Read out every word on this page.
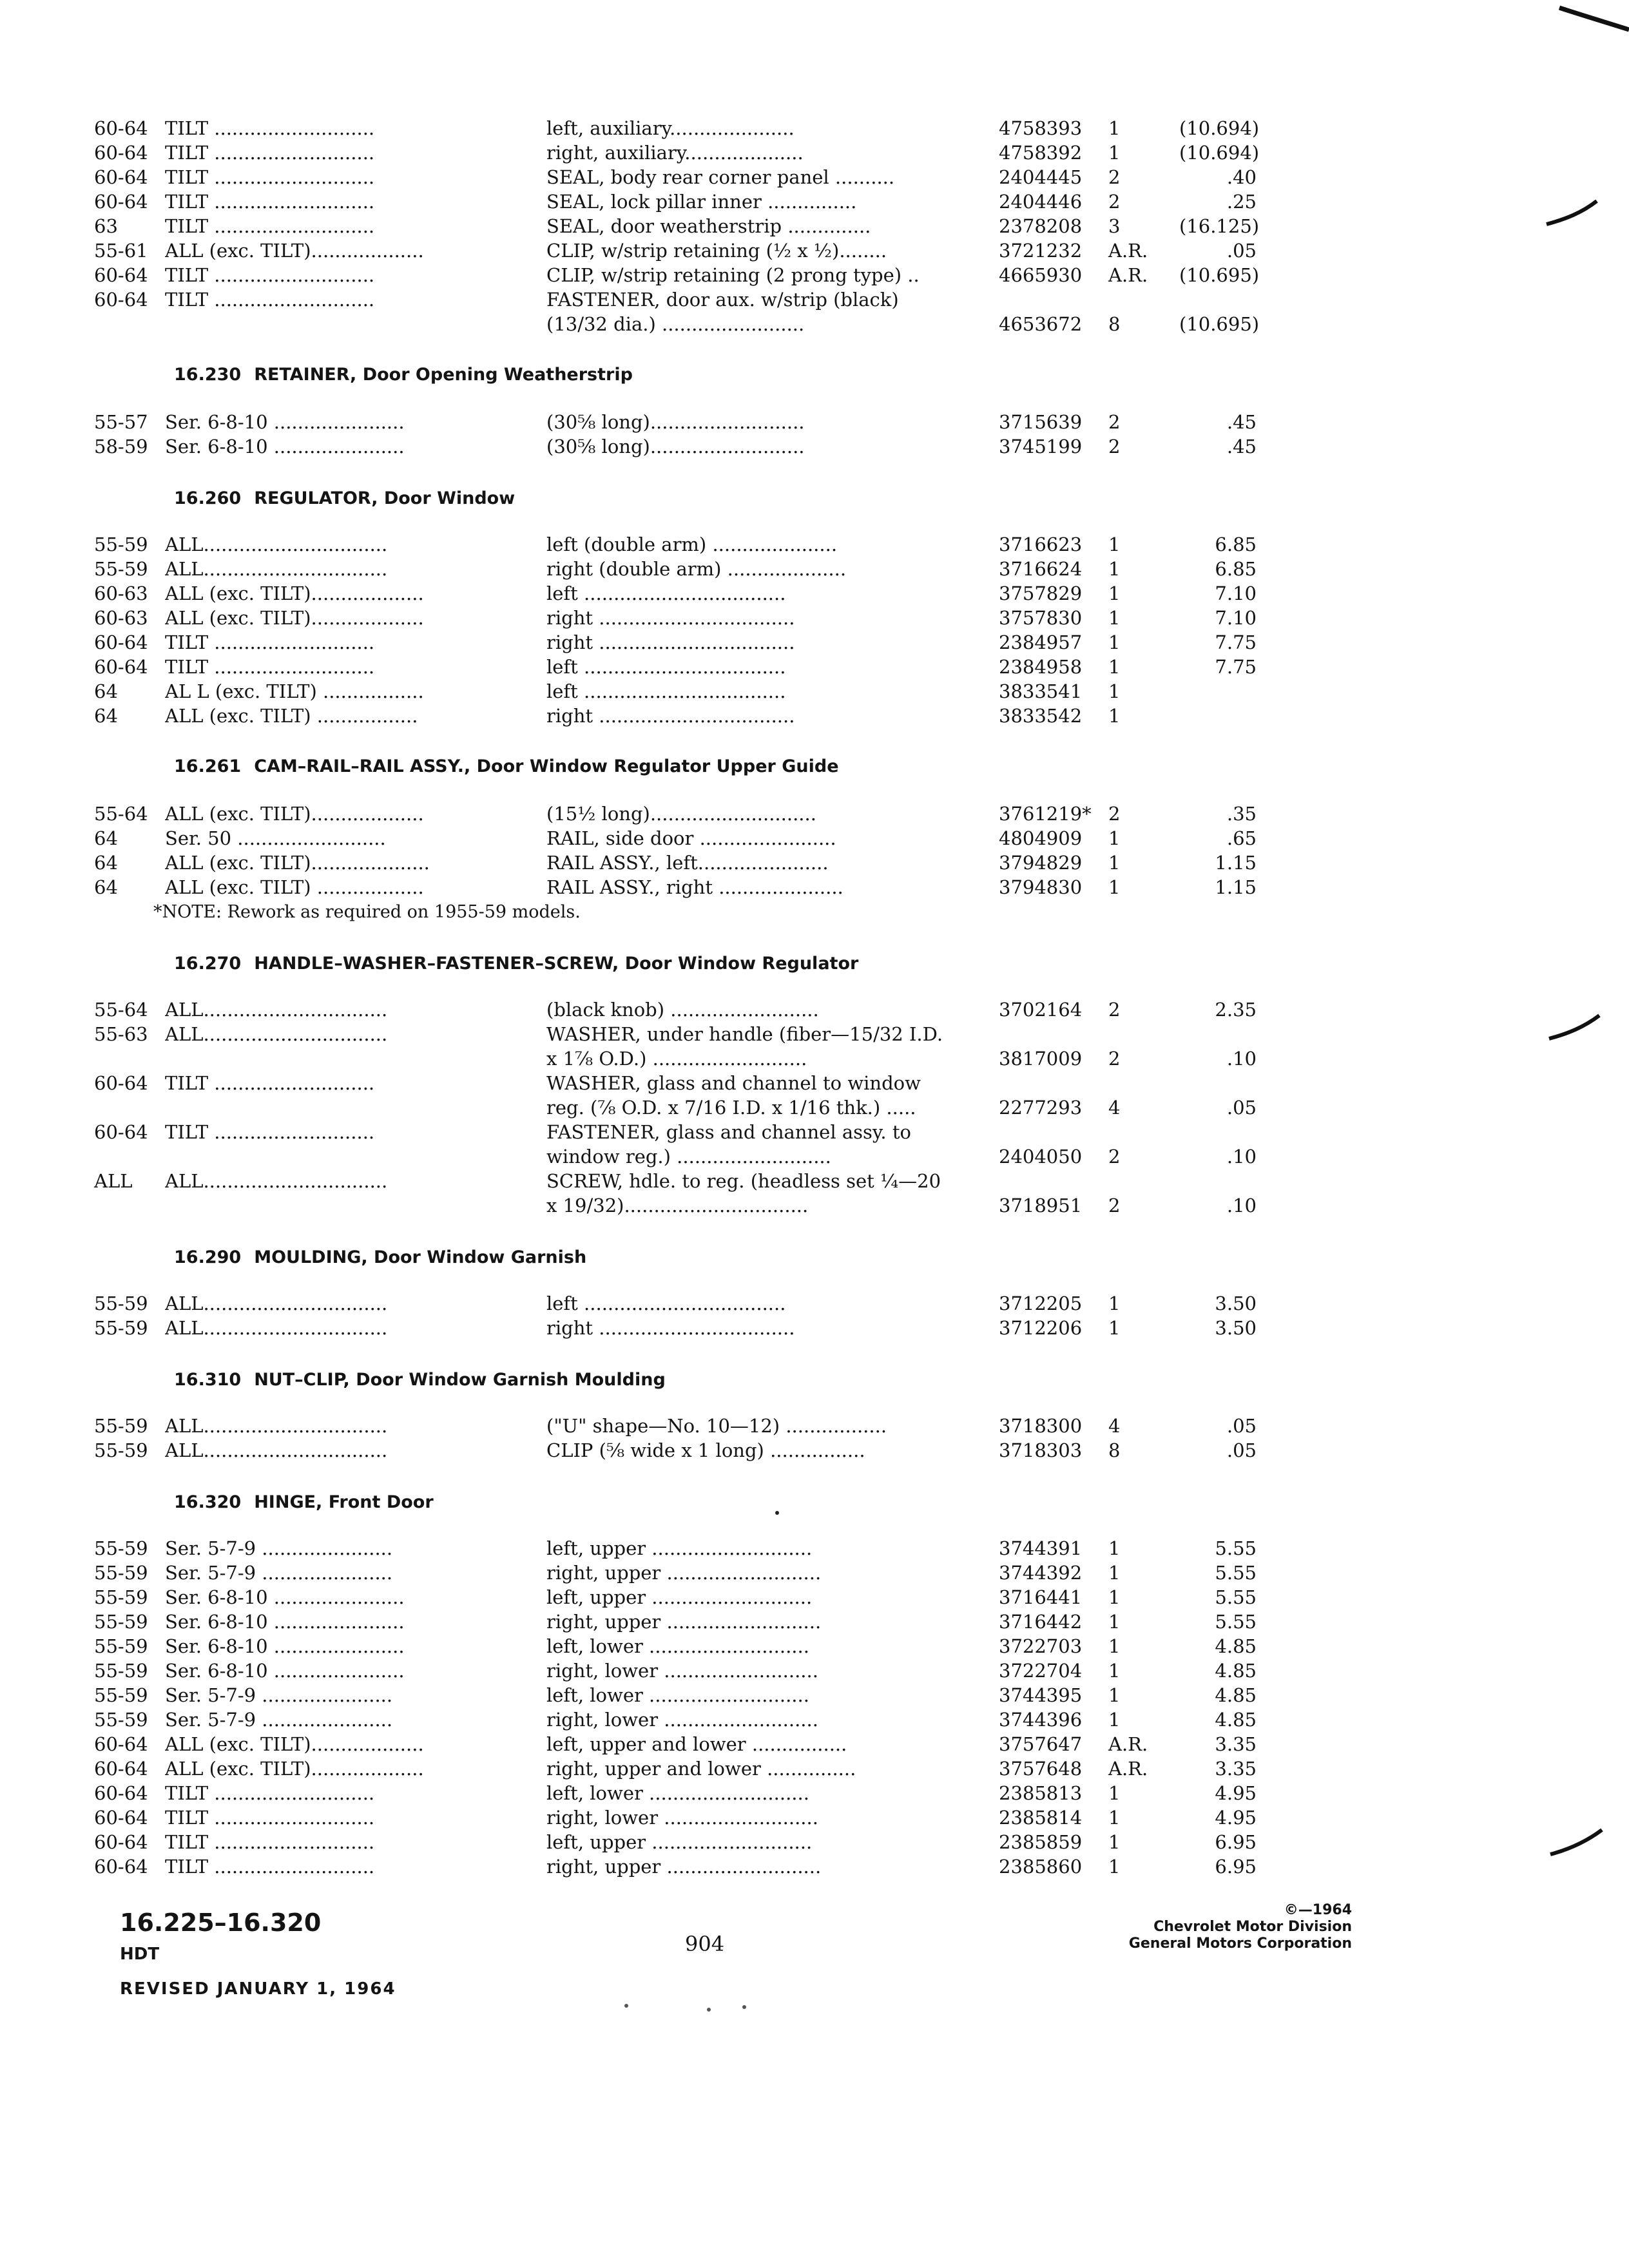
60-64 TILT ...........................	left, auxiliary.....................	4758393	1	(10.694)
60-64 TILT ...........................	right, auxiliary....................	4758392	1	(10.694)
60-64 TILT ...........................	SEAL, body rear corner panel ..........	2404445	2	.40
60-64 TILT ...........................	SEAL, lock pillar inner ...............	2404446	2	.25
63	TILT ...........................	SEAL, door weatherstrip ..............	2378208	3	(16.125)
55-61 ALL (exc. TILT)...................	CLIP, w/strip retaining (½ x ½)........	3721232	A.R.	.05
60-64 TILT ...........................	CLIP, w/strip retaining (2 prong type) ..	4665930	A.R.	(10.695)
60-64 TILT ...........................	FASTENER, door aux. w/strip (black)
(13/32 dia.) ........................	4653672	8	(10.695)
55-57 Ser. 6-8-10 ......................	(30⅝ long)..........................	3715639	2	.45
58-59 Ser. 6-8-10 ......................	(30⅝ long)..........................	3745199	2	.45
55-59 ALL...............................	left (double arm) .....................	3716623	1	6.85
55-59 ALL...............................	right (double arm) ....................	3716624	1	6.85
60-63 ALL (exc. TILT)...................	left ..................................	3757829	1	7.10
60-63 ALL (exc. TILT)...................	right .................................	3757830	1	7.10
60-64 TILT ...........................	right .................................	2384957	1	7.75
60-64 TILT ...........................	left ..................................	2384958	1	7.75
64	AL L (exc. TILT) .................	left ..................................	3833541	1
64	ALL (exc. TILT) .................	right .................................	3833542	1
55-64 ALL (exc. TILT)...................	(15½ long)............................	3761219* 2	.35
64	Ser. 50 .........................	RAIL, side door .......................	4804909	1	.65
64	ALL (exc. TILT)....................	RAIL ASSY., left......................	3794829	1	1.15
64	ALL (exc. TILT) ..................	RAIL ASSY., right .....................	3794830	1	1.15
55-64 ALL...............................	(black knob) .........................	3702164	2	2.35
55-63 ALL...............................	WASHER, under handle (fiber—15/32 I.D.
x 1⅞ O.D.) ..........................	3817009	2	.10
60-64 TILT ...........................	WASHER, glass and channel to window
reg. (⅞ O.D. x 7/16 I.D. x 1/16 thk.) .....	2277293	4	.05
60-64 TILT ...........................	FASTENER, glass and channel assy. to
window reg.) ..........................	2404050	2	.10
ALL	ALL...............................	SCREW, hdle. to reg. (headless set ¼—20
x 19/32)...............................	3718951	2	.10
55-59 ALL...............................	left ..................................	3712205	1	3.50
55-59 ALL...............................	right .................................	3712206	1	3.50
55-59 ALL...............................	("U" shape—No. 10—12) .................	3718300	4	.05
55-59 ALL...............................	CLIP (⅝ wide x 1 long) ................	3718303	8	.05
55-59 Ser. 5-7-9 ......................	left, upper ...........................	3744391	1	5.55
55-59 Ser. 5-7-9 ......................	right, upper ..........................	3744392	1	5.55
55-59 Ser. 6-8-10 ......................	left, upper ...........................	3716441	1	5.55
55-59 Ser. 6-8-10 ......................	right, upper ..........................	3716442	1	5.55
55-59 Ser. 6-8-10 ......................	left, lower ...........................	3722703	1	4.85
55-59 Ser. 6-8-10 ......................	right, lower ..........................	3722704	1	4.85
55-59 Ser. 5-7-9 ......................	left, lower ...........................	3744395	1	4.85
55-59 Ser. 5-7-9 ......................	right, lower ..........................	3744396	1	4.85
60-64 ALL (exc. TILT)...................	left, upper and lower ................	3757647	A.R.	3.35
60-64 ALL (exc. TILT)...................	right, upper and lower ...............	3757648	A.R.	3.35
60-64 TILT ...........................	left, lower ...........................	2385813	1	4.95
60-64 TILT ...........................	right, lower ..........................	2385814	1	4.95
60-64 TILT ...........................	left, upper ...........................	2385859	1	6.95
60-64 TILT ...........................	right, upper ..........................	2385860	1	6.95
16.230 RETAINER, Door Opening Weatherstrip
16.260 REGULATOR, Door Window
16.261 CAM–RAIL–RAIL ASSY., Door Window Regulator Upper Guide
16.270 HANDLE–WASHER–FASTENER–SCREW, Door Window Regulator
16.290 MOULDING, Door Window Garnish
16.310 NUT–CLIP, Door Window Garnish Moulding
16.320 HINGE, Front Door
*NOTE: Rework as required on 1955-59 models.
16.225–16.320
HDT	904
REVISED JANUARY 1, 1964
©—1964
Chevrolet Motor Division
General Motors Corporation
